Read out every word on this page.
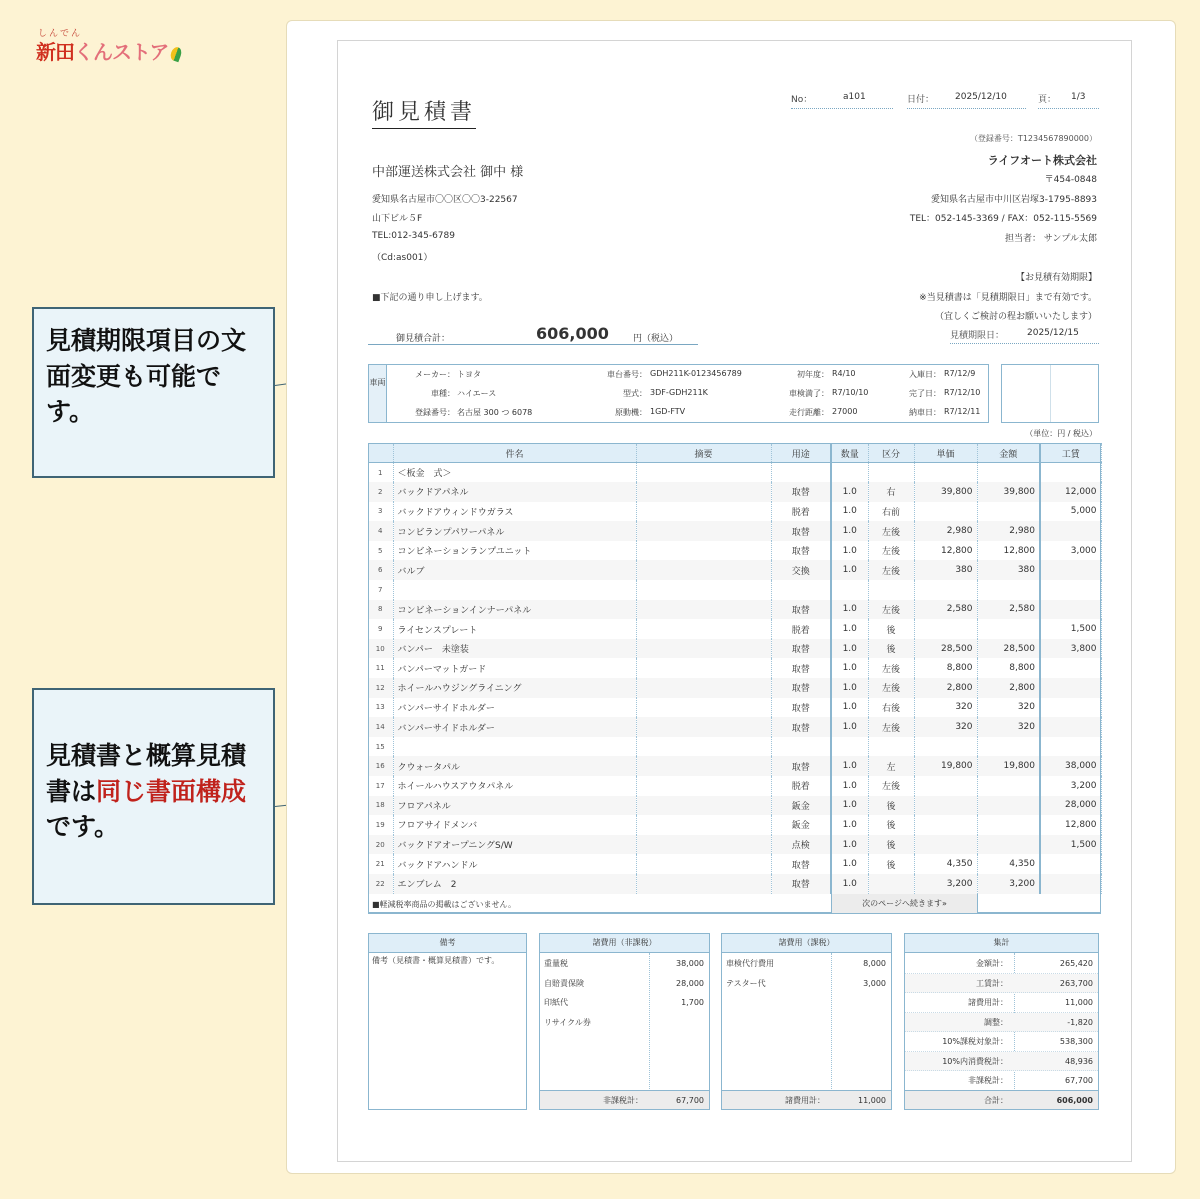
しんでん
新田くんストア
見積期限項目の文面変更も可能です。
見積書と概算見積書は同じ書面構成です。
御見積書	No：	a101	日付： 2025/12/10	頁： 1/3
（登録番号：T1234567890000）
ライフオート株式会社
〒454-0848
愛知県名古屋市中川区岩塚3-1795-8893
TEL：052-145-3369 / FAX：052-115-5569
担当者： サンプル太郎
中部運送株式会社 御中 様
愛知県名古屋市〇〇区〇〇3-22567
山下ビル５F
TEL:012-345-6789
（Cd:as001）
【お見積有効期限】
※当見積書は「見積期限日」まで有効です。
（宜しくご検討の程お願いいたします）
見積期限日：	2025/12/15
■下記の通り申し上げます。
御見積合計：	606,000	円（税込）
車両
メーカー： トヨタ
車種： ハイエース
登録番号： 名古屋 300 つ 6078
車台番号： GDH211K-0123456789
型式： 3DF-GDH211K
原動機： 1GD-FTV
初年度： R4/10
車検満了： R7/10/10
走行距離： 27000
入庫日： R7/12/9
完了日： R7/12/10
納車日： R7/12/11
（単位：円 / 税込）
	件名	摘要	用途	数量	区分	単価	金額	工賃
1	＜板金　式＞							
2	バックドアパネル		取替	1.0	右	39,800	39,800	12,000
3	バックドアウィンドウガラス		脱着	1.0	右前			5,000
4	コンビランプパワーパネル		取替	1.0	左後	2,980	2,980	
5	コンビネーションランプユニット		取替	1.0	左後	12,800	12,800	3,000
6	バルブ		交換	1.0	左後	380	380	
7								
8	コンビネーションインナーパネル		取替	1.0	左後	2,580	2,580	
9	ライセンスプレート		脱着	1.0	後			1,500
10	バンパー　未塗装		取替	1.0	後	28,500	28,500	3,800
11	バンパーマットガード		取替	1.0	左後	8,800	8,800	
12	ホイールハウジングライニング		取替	1.0	左後	2,800	2,800	
13	バンパーサイドホルダー		取替	1.0	右後	320	320	
14	バンパーサイドホルダー		取替	1.0	左後	320	320	
15								
16	クウォータパル		取替	1.0	左	19,800	19,800	38,000
17	ホイールハウスアウタパネル		脱着	1.0	左後			3,200
18	フロアパネル		鈑金	1.0	後			28,000
19	フロアサイドメンバ		鈑金	1.0	後			12,800
20	バックドアオープニングS/W		点検	1.0	後			1,500
21	バックドアハンドル		取替	1.0	後	4,350	4,350	
22	エンブレム　2		取替	1.0		3,200	3,200	
■軽減税率商品の掲載はございません。	次のページへ続きます»
備考
備考（見積書・概算見積書）です。
諸費用（非課税）
重量税	38,000
自賠責保険	28,000
印紙代	1,700
リサイクル券
非課税計：	67,700
諸費用（課税）
車検代行費用	8,000
テスター代	3,000
諸費用計：	11,000
集計
金額計：	265,420
工賃計：	263,700
諸費用計：	11,000
調整：	-1,820
10%課税対象計：	538,300
10%内消費税計：	48,936
非課税計：	67,700
合計：	606,000
